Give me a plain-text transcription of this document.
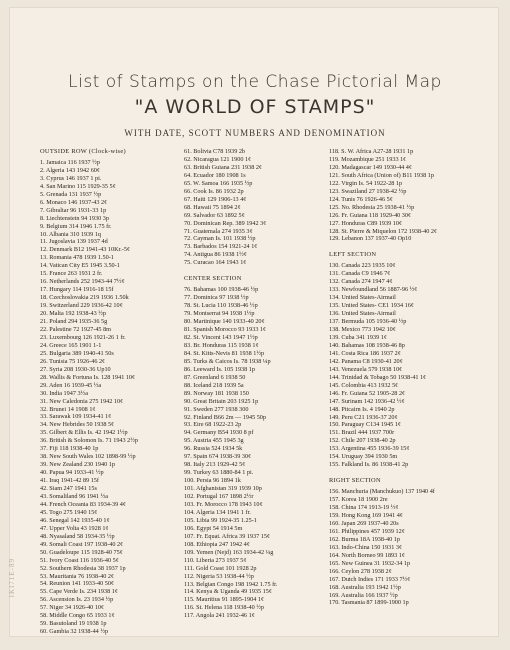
List of Stamps on the Chase Pictorial Map
"A WORLD OF STAMPS"
WITH DATE, SCOTT NUMBERS AND DENOMINATION
OUTSIDE ROW (Clock-wise)
1. Jamaica 116 1937 ½p
2. Algeria 143 1942 60¢
3. Cyprus 146 1937 1 pi.
4. San Marino 115 1929-35 5¢
5. Grenada 131 1937 ½p
6. Monaco 146 1937-43 2¢
7. Gibraltar 96 1931-33 1p
8. Liechtenstein 94 1930 3p
9. Belgium 314 1946 1.75 fr.
10. Albania 310 1939 1q
11. Jugoslavia 139 1937 4d
12. Denmark B12 1941-43 10Kr.-5¢
13. Romania 478 1939 1.50-1
14. Vatican City E5 1945 3.50-1
15. France 263 1931 2 fr.
16. Netherlands 252 1943-44 7½¢
17. Hungary 114 1916-18 15f
18. Czechoslovakia 219 1936 1.50k
19. Switzerland 229 1936-42 10¢
20. Malta 192 1938-43 ½p
21. Poland 294 1935-36 5g
22. Palestine 72 1927-45 8m
23. Luxembourg 126 1921-26 1 fr.
24. Greece 165 1901 1-1
25. Bulgaria 389 1940-41 50s
26. Tunisia 75 1926-46 2¢
27. Syria 208 1930-36 Up10
28. Wallis & Fortuna Is. 128 1941 10¢
29. Aden 16 1939-45 ½a
30. India 1947 3½a
31. New Caledonia 275 1942 10¢
32. Brunei 14 1908 1¢
33. Sarawak 109 1934-41 1¢
34. New Hebrides 50 1938 5¢
35. Gilbert & Ellis Is. 42 1942 1½p
36. British & Solomon Is. 71 1943 2½p
37. Fiji 118 1938-40 1p
38. New South Wales 102 1898-99 ½p
39. New Zealand 230 1940 1p
40. Papua 94 1933-41 ½p
41. Iraq 1941-42 89 15f
42. Siam 247 1941 15s
43. Somaliland 96 1941 ½a
44. French Oceania 83 1934-39 4¢
45. Togo 275 1940 15¢
46. Senegal 142 1935-40 1¢
47. Upper Volta 43 1928 1¢
48. Nyasaland 58 1934-35 ½p
49. Somali Coast 197 1938-40 2¢
50. Guadeloupe 115 1928-40 75¢
51. Ivory Coast 116 1936-40 5¢
52. Southern Rhodesia 38 1937 1p
53. Mauritania 76 1938-40 2¢
54. Reunion 141 1933-40 50¢
55. Cape Verde Is. 234 1938 1¢
56. Ascension Is. 23 1934 ½p
57. Niger 34 1926-40 10¢
58. Middle Congo 65 1933 1¢
59. Basutoland 19 1938 1p
60. Gambia 32 1938-44 ½p
61. Bolivia C78 1939 2b
62. Nicaragua 121 1900 1¢
63. British Guiana 231 1938 2¢
64. Ecuador 180 1908 1s
65. W. Samoa 166 1935 ½p
66. Cook Is. 86 1932 2p
67. Haiti 129 1906-13 4¢
68. Hawaii 75 1894 2¢
69. Salvador 63 1892 5¢
70. Dominican Rep. 389 1942 3¢
71. Guatemala 274 1935 3¢
72. Cayman Is. 101 1938 ½p
73. Barbados 154 1921-24 1¢
74. Antigua 86 1938 1½¢
75. Curacao 164 1943 1¢
CENTER SECTION
76. Bahamas 100 1938-46 ½p
77. Dominica 97 1938 ½p
78. St. Lucia 110 1938-46 ½p
79. Montserrat 94 1938 1½p
80. Martinique 140 1933-40 20¢
81. Spanish Morocco 93 1933 1¢
82. St. Vincent 143 1947 1½p
83. Br. Honduras 115 1938 1¢
84. St. Kitts-Nevis 81 1938 1½p
85. Turks & Caicos Is. 78 1938 ¼p
86. Leeward Is. 105 1938 1p
87. Greenland 6 1938 50
88. Iceland 218 1939 5a
89. Norway 181 1938 150
90. Great Britain 203 1925 1p
91. Sweden 277 1938 300
92. Finland B66 2m — 1945 50p
93. Eire 68 1922-23 2p
94. Germany B54 1930 8 pf
95. Austria 455 1945 3g
96. Russia 524 1934 5k
97. Spain 674 1938-39 30¢
98. Italy 213 1929-42 5¢
99. Turkey 63 1880-84 1 pi.
100. Persia 96 1894 1k
101. Afghanistan 319 1939 10p
102. Portugal 167 1898 2½r
103. Fr. Morocco 178 1943 10¢
104. Algeria 134 1941 1 fr.
105. Libia 99 1924-35 1.25-1
106. Egypt 54 1914 5m
107. Fr. Equat. Africa 39 1937 15¢
108. Ethiopia 247 1942 4¢
109. Yemen (Nejd) 163 1934-42 ¼g
110. Liberia 273 1937 5¢
111. Gold Coast 101 1928 2p
112. Nigeria 53 1938-44 ½p
113. Belgian Congo 198 1942 1.75 fr.
114. Kenya & Uganda 49 1935 15¢
115. Mauritius 91 1895-1904 1¢
116. St. Helena 118 1938-40 ½p
117. Angola 241 1932-46 1¢
118. S. W. Africa A27-28 1931 1p
119. Mozambique 251 1933 1¢
120. Madagascar 149 1930-44 4¢
121. South Africa (Union of) B11 1938 1p
122. Virgin Is. 54 1922-28 1p
123. Swaziland 27 1938-42 ½p
124. Tunis 76 1926-46 5¢
125. No. Rhodesia 25 1938-41 ½p
126. Fr. Guiana 118 1929-40 30¢
127. Honduras C89 1939 10¢
128. St. Pierre & Miquelon 172 1938-40 2¢
129. Lebanon 137 1937-40 Op10
LEFT SECTION
130. Canada 223 1935 10¢
131. Canada C9 1946 7¢
132. Canada 274 1947 4¢
133. Newfoundland 56 1887-96 ½¢
134. United States-Airmail
135. United States- CE1 1934 16¢
136. United States-Airmail
137. Bermuda 105 1936-40 ½p
138. Mexico 773 1942 10¢
139. Cuba 341 1939 1¢
140. Bahamas 108 1938-46 8p
141. Costa Rica 186 1937 2¢
142. Panama C8 1930-41 20¢
143. Venezuela 579 1938 10¢
144. Trinidad & Tobago 50 1938-41 1¢
145. Colombia 413 1932 5¢
146. Fr. Guiana 52 1905-28 2¢
147. Surinam 142 1936-42 ½¢
148. Pitcairn Is. 4 1940 2p
149. Peru C21 1936-37 20¢
150. Paraguay C134 1945 1¢
151. Brazil 444 1937 700r
152. Chile 207 1938-40 2p
153. Argentina 455 1936-39 15¢
154. Uruguay 394 1930 5m
155. Falkland Is. 86 1938-41 2p
RIGHT SECTION
156. Manchuria (Manchukuo) 137 1940 4f
157. Korea 18 1900 2re
158. China 174 1913-19 ½¢
159. Hong Kong 169 1941 4¢
160. Japan 269 1937-40 20s
161. Philippines 457 1939 12¢
162. Burma 18A 1938-40 1p
163. Indo-China 150 1931 3¢
164. North Borneo 99 1893 1¢
165. New Guinea 31 1932-34 1p
166. Ceylon 278 1938 2¢
167. Dutch Indies 171 1933 7½¢
168. Australia 193 1942 1½p
169. Australia 166 1937 ½p
170. Tasmania 87 1899-1900 1p
IKI71E-89
